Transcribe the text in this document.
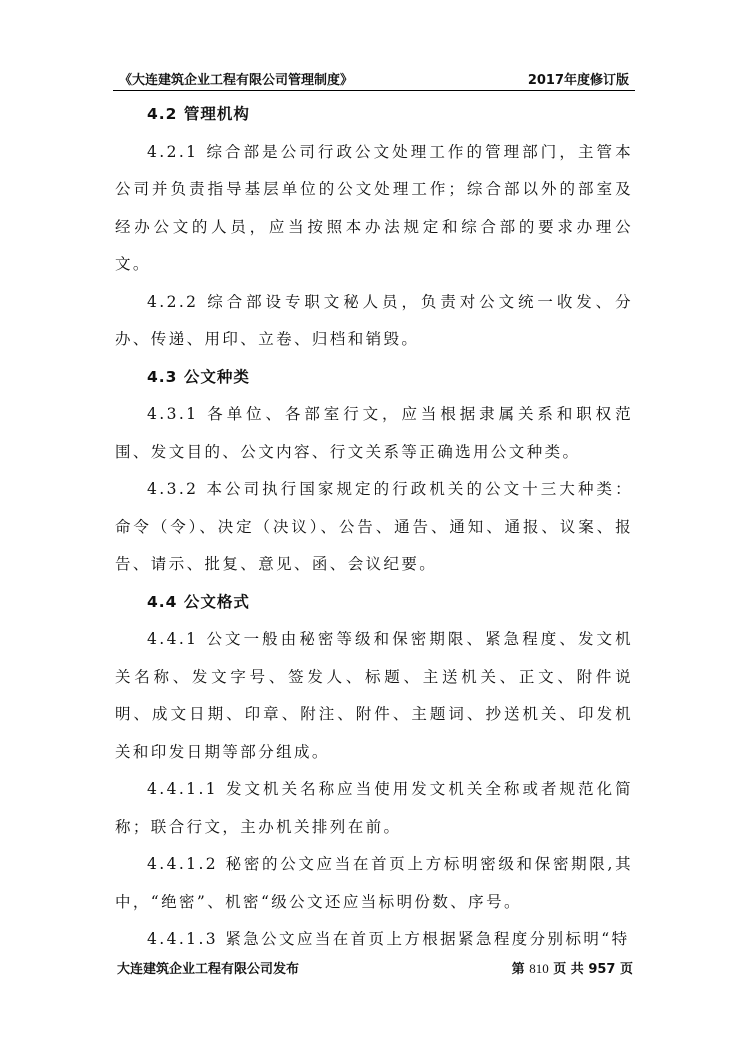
《大连建筑企业工程有限公司管理制度》	2017年度修订版

4.2 管理机构

4.2.1 综合部是公司行政公文处理工作的管理部门，主管本公司并负责指导基层单位的公文处理工作；综合部以外的部室及经办公文的人员，应当按照本办法规定和综合部的要求办理公文。

4.2.2 综合部设专职文秘人员，负责对公文统一收发、分办、传递、用印、立卷、归档和销毁。

4.3 公文种类

4.3.1 各单位、各部室行文，应当根据隶属关系和职权范围、发文目的、公文内容、行文关系等正确选用公文种类。

4.3.2 本公司执行国家规定的行政机关的公文十三大种类：命令（令）、决定（决议）、公告、通告、通知、通报、议案、报告、请示、批复、意见、函、会议纪要。

4.4 公文格式

4.4.1 公文一般由秘密等级和保密期限、紧急程度、发文机关名称、发文字号、签发人、标题、主送机关、正文、附件说明、成文日期、印章、附注、附件、主题词、抄送机关、印发机关和印发日期等部分组成。

4.4.1.1 发文机关名称应当使用发文机关全称或者规范化简称；联合行文，主办机关排列在前。

4.4.1.2 秘密的公文应当在首页上方标明密级和保密期限,其中，“绝密”、机密“级公文还应当标明份数、序号。

4.4.1.3 紧急公文应当在首页上方根据紧急程度分别标明“特

大连建筑企业工程有限公司发布	第 810 页 共 957 页
